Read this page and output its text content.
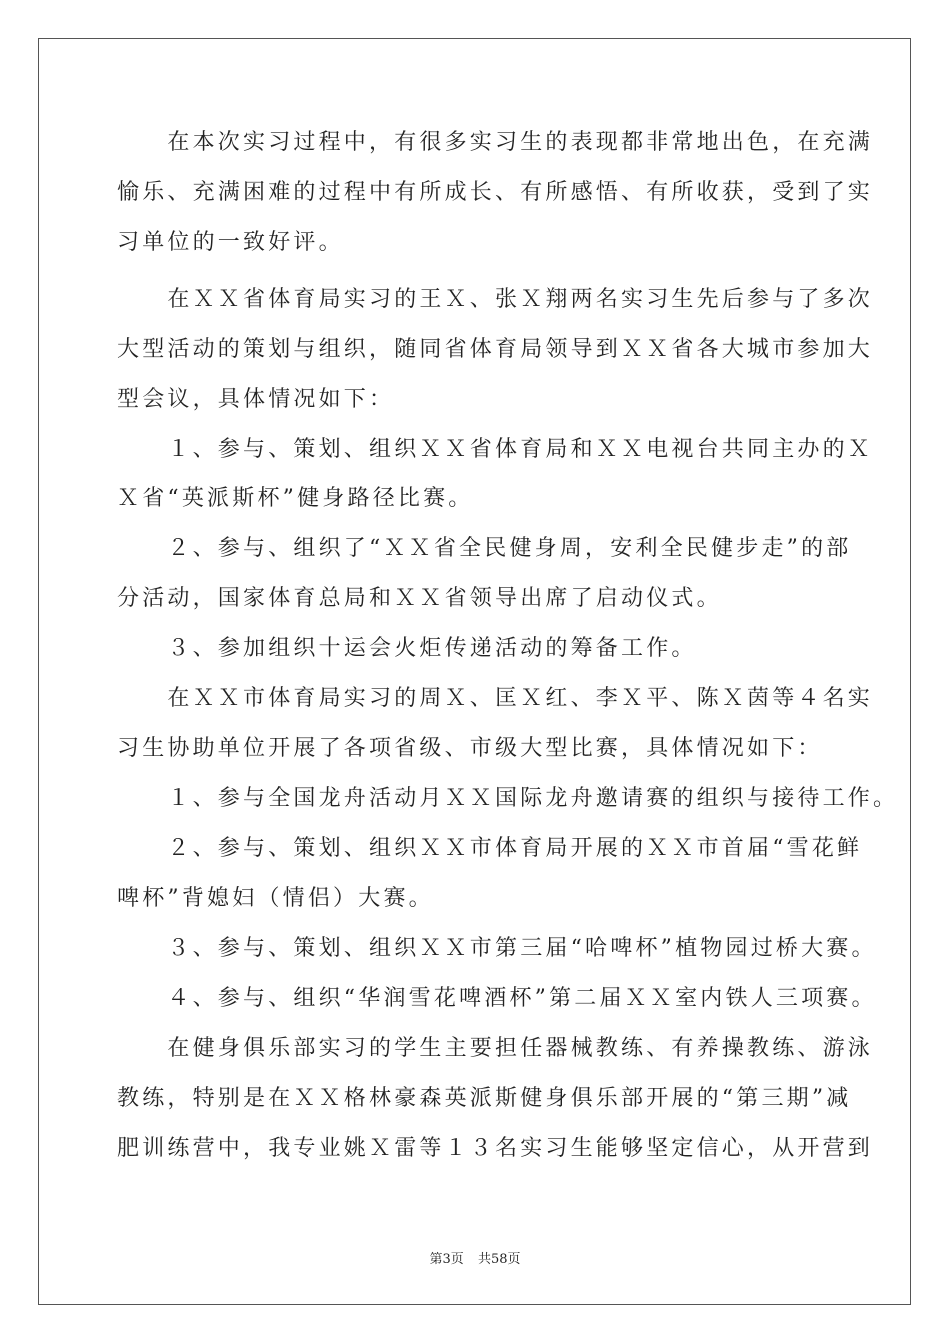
　　在本次实习过程中，有很多实习生的表现都非常地出色，在充满
愉乐、充满困难的过程中有所成长、有所感悟、有所收获，受到了实
习单位的一致好评。
　　在ＸＸ省体育局实习的王Ｘ、张Ｘ翔两名实习生先后参与了多次
大型活动的策划与组织，随同省体育局领导到ＸＸ省各大城市参加大
型会议，具体情况如下：
　　１、参与、策划、组织ＸＸ省体育局和ＸＸ电视台共同主办的Ｘ
Ｘ省“英派斯杯”健身路径比赛。
　　２、参与、组织了“ＸＸ省全民健身周，安利全民健步走”的部
分活动，国家体育总局和ＸＸ省领导出席了启动仪式。
　　３、参加组织十运会火炬传递活动的筹备工作。
　　在ＸＸ市体育局实习的周Ｘ、匡Ｘ红、李Ｘ平、陈Ｘ茵等４名实
习生协助单位开展了各项省级、市级大型比赛，具体情况如下：
　　１、参与全国龙舟活动月ＸＸ国际龙舟邀请赛的组织与接待工作。
　　２、参与、策划、组织ＸＸ市体育局开展的ＸＸ市首届“雪花鲜
啤杯”背媳妇（情侣）大赛。
　　３、参与、策划、组织ＸＸ市第三届“哈啤杯”植物园过桥大赛。
　　４、参与、组织“华润雪花啤酒杯”第二届ＸＸ室内铁人三项赛。
　　在健身俱乐部实习的学生主要担任器械教练、有养操教练、游泳
教练，特别是在ＸＸ格林豪森英派斯健身俱乐部开展的“第三期”减
肥训练营中，我专业姚Ｘ雷等１３名实习生能够坚定信心，从开营到
第3页 共58页
